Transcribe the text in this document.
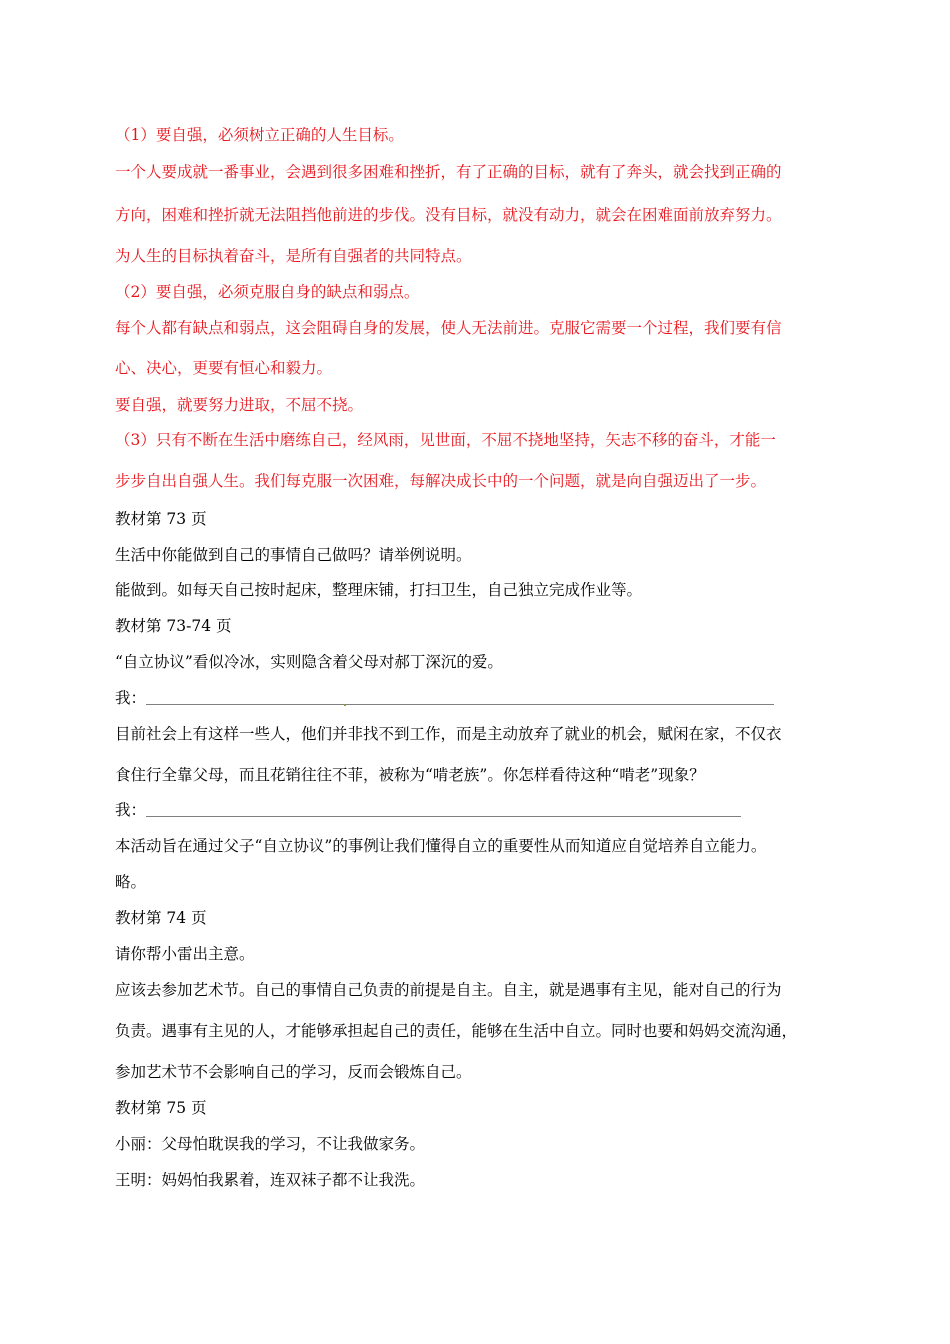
（1）要自强，必须树立正确的人生目标。
一个人要成就一番事业，会遇到很多困难和挫折，有了正确的目标，就有了奔头，就会找到正确的
方向，困难和挫折就无法阻挡他前进的步伐。没有目标，就没有动力，就会在困难面前放弃努力。
为人生的目标执着奋斗，是所有自强者的共同特点。
（2）要自强，必须克服自身的缺点和弱点。
每个人都有缺点和弱点，这会阻碍自身的发展，使人无法前进。克服它需要一个过程，我们要有信
心、决心，更要有恒心和毅力。
要自强，就要努力进取，不屈不挠。
（3）只有不断在生活中磨练自己，经风雨，见世面，不屈不挠地坚持，矢志不移的奋斗，才能一
步步自出自强人生。我们每克服一次困难，每解决成长中的一个问题，就是向自强迈出了一步。
教材第 73 页
生活中你能做到自己的事情自己做吗？请举例说明。
能做到。如每天自己按时起床，整理床铺，打扫卫生，自己独立完成作业等。
教材第 73-74 页
“自立协议”看似冷冰，实则隐含着父母对郝丁深沉的爱。
我：
目前社会上有这样一些人，他们并非找不到工作，而是主动放弃了就业的机会，赋闲在家，不仅衣
食住行全靠父母，而且花销往往不菲，被称为“啃老族”。你怎样看待这种“啃老”现象？
我：
本活动旨在通过父子“自立协议”的事例让我们懂得自立的重要性从而知道应自觉培养自立能力。
略。
教材第 74 页
请你帮小雷出主意。
应该去参加艺术节。自己的事情自己负责的前提是自主。自主，就是遇事有主见，能对自己的行为
负责。遇事有主见的人，才能够承担起自己的责任，能够在生活中自立。同时也要和妈妈交流沟通，
参加艺术节不会影响自己的学习，反而会锻炼自己。
教材第 75 页
小丽：父母怕耽误我的学习，不让我做家务。
王明：妈妈怕我累着，连双袜子都不让我洗。
